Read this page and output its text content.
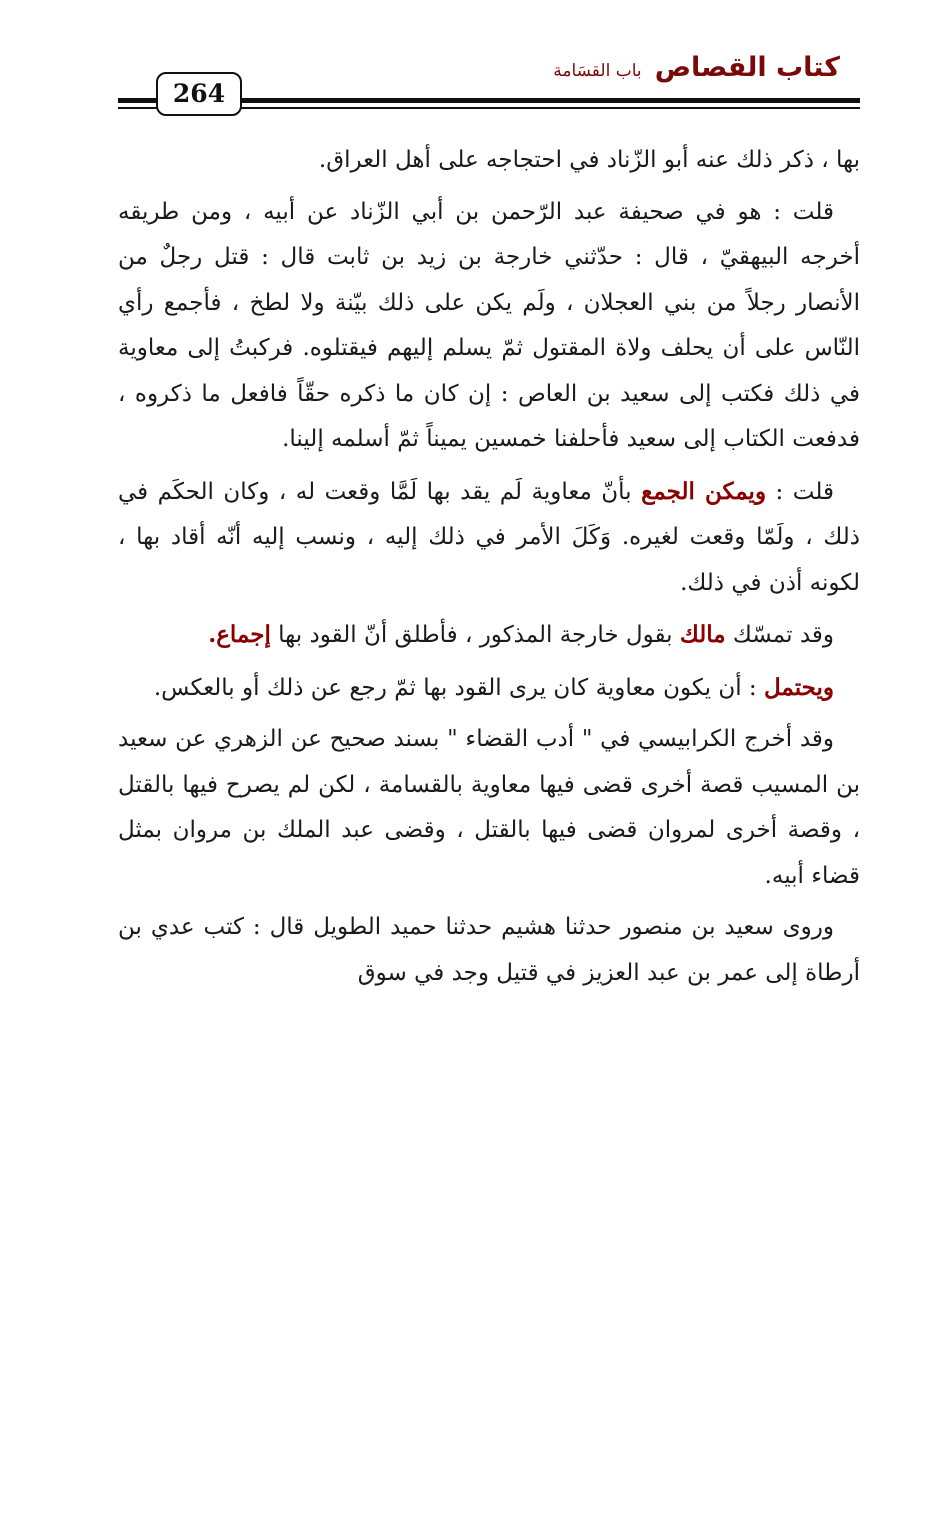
كتاب القصاص باب القسَامة
264

بها ، ذكر ذلك عنه أبو الزّناد في احتجاجه على أهل العراق.

قلت : هو في صحيفة عبد الرّحمن بن أبي الزّناد عن أبيه ، ومن طريقه أخرجه البيهقيّ ، قال : حدّثني خارجة بن زيد بن ثابت قال : قتل رجلٌ من الأنصار رجلاً من بني العجلان ، ولَم يكن على ذلك بيّنة ولا لطخ ، فأجمع رأي النّاس على أن يحلف ولاة المقتول ثمّ يسلم إليهم فيقتلوه. فركبتُ إلى معاوية في ذلك فكتب إلى سعيد بن العاص : إن كان ما ذكره حقّاً فافعل ما ذكروه ، فدفعت الكتاب إلى سعيد فأحلفنا خمسين يميناً ثمّ أسلمه إلينا.

قلت : ويمكن الجمع بأنّ معاوية لَم يقد بها لَمَّا وقعت له ، وكان الحكَم في ذلك ، ولَمّا وقعت لغيره. وَكَلَ الأمر في ذلك إليه ، ونسب إليه أنّه أقاد بها ، لكونه أذن في ذلك.

وقد تمسّك مالك بقول خارجة المذكور ، فأطلق أنّ القود بها إجماع.

ويحتمل : أن يكون معاوية كان يرى القود بها ثمّ رجع عن ذلك أو بالعكس.

وقد أخرج الكرابيسي في " أدب القضاء " بسند صحيح عن الزهري عن سعيد بن المسيب قصة أخرى قضى فيها معاوية بالقسامة ، لكن لم يصرح فيها بالقتل ، وقصة أخرى لمروان قضى فيها بالقتل ، وقضى عبد الملك بن مروان بمثل قضاء أبيه.

وروى سعيد بن منصور حدثنا هشيم حدثنا حميد الطويل قال : كتب عدي بن أرطاة إلى عمر بن عبد العزيز في قتيل وجد في سوق
